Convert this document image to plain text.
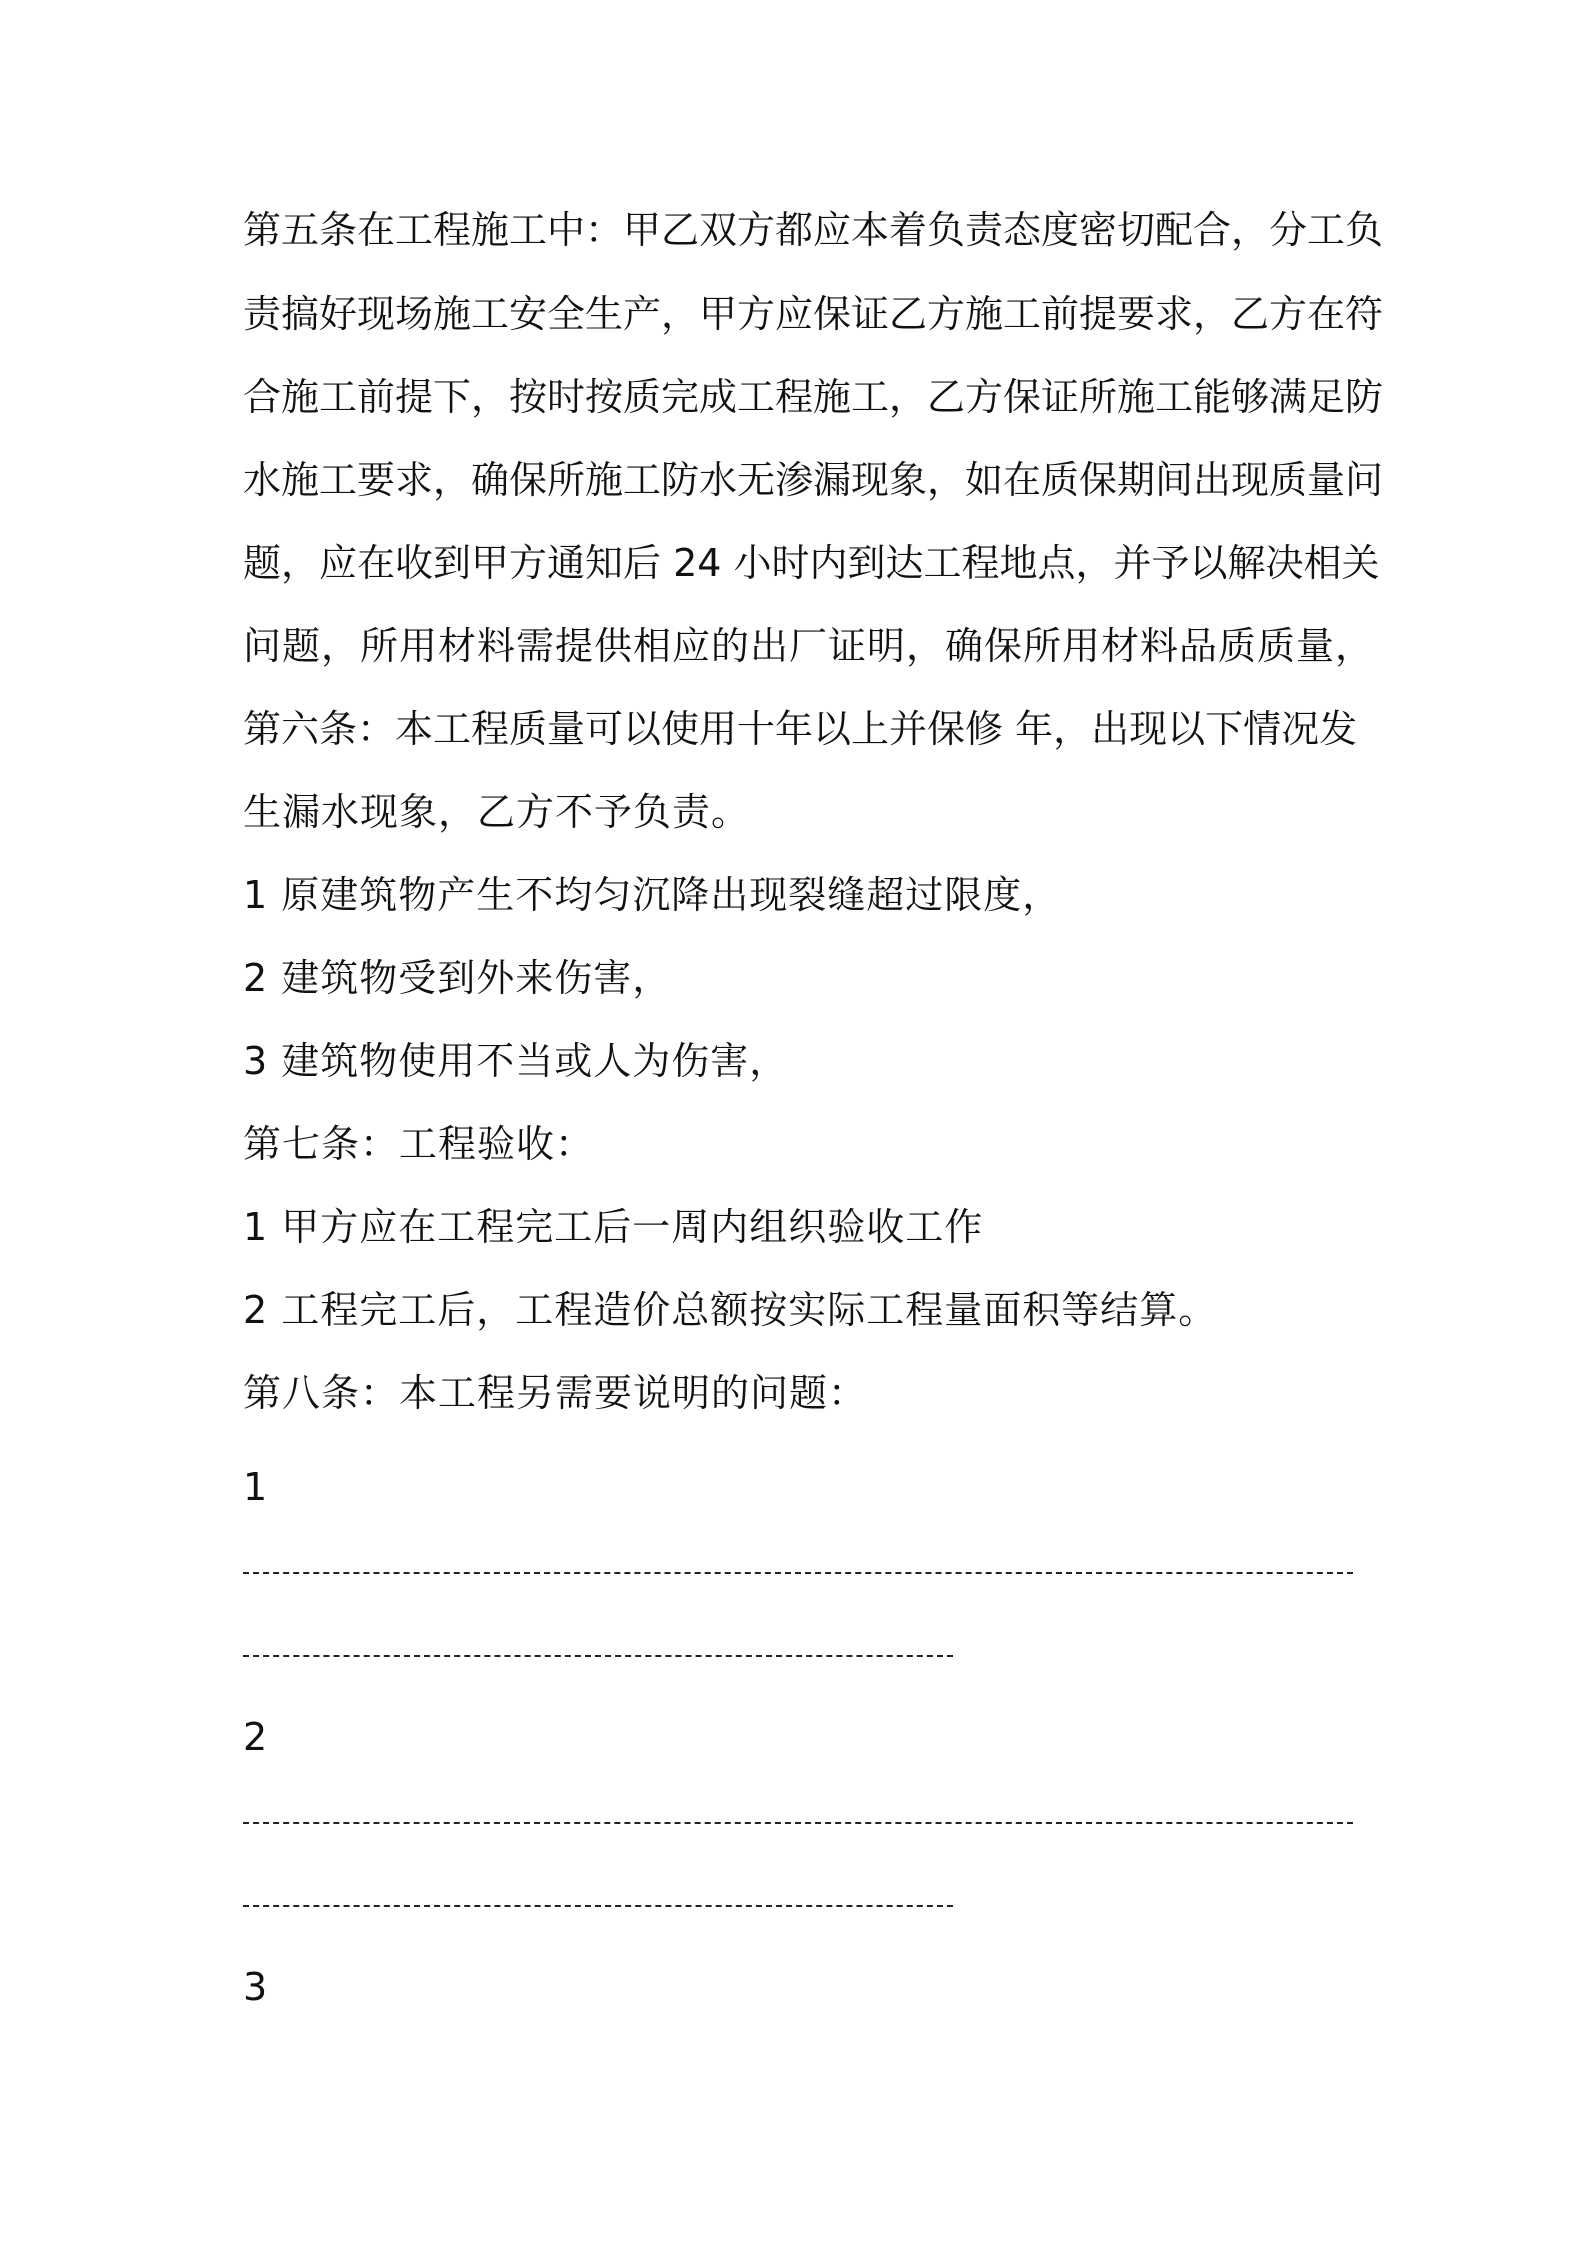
第五条在工程施工中：甲乙双方都应本着负责态度密切配合，分工负
责搞好现场施工安全生产，甲方应保证乙方施工前提要求，乙方在符
合施工前提下，按时按质完成工程施工，乙方保证所施工能够满足防
水施工要求，确保所施工防水无渗漏现象，如在质保期间出现质量问
题，应在收到甲方通知后 24 小时内到达工程地点，并予以解决相关
问题，所用材料需提供相应的出厂证明，确保所用材料品质质量，
第六条：本工程质量可以使用十年以上并保修 年，出现以下情况发
生漏水现象，乙方不予负责。
1 原建筑物产生不均匀沉降出现裂缝超过限度，
2 建筑物受到外来伤害，
3 建筑物使用不当或人为伤害，
第七条：工程验收：
1 甲方应在工程完工后一周内组织验收工作
2 工程完工后，工程造价总额按实际工程量面积等结算。
第八条：本工程另需要说明的问题：
1
2
3
